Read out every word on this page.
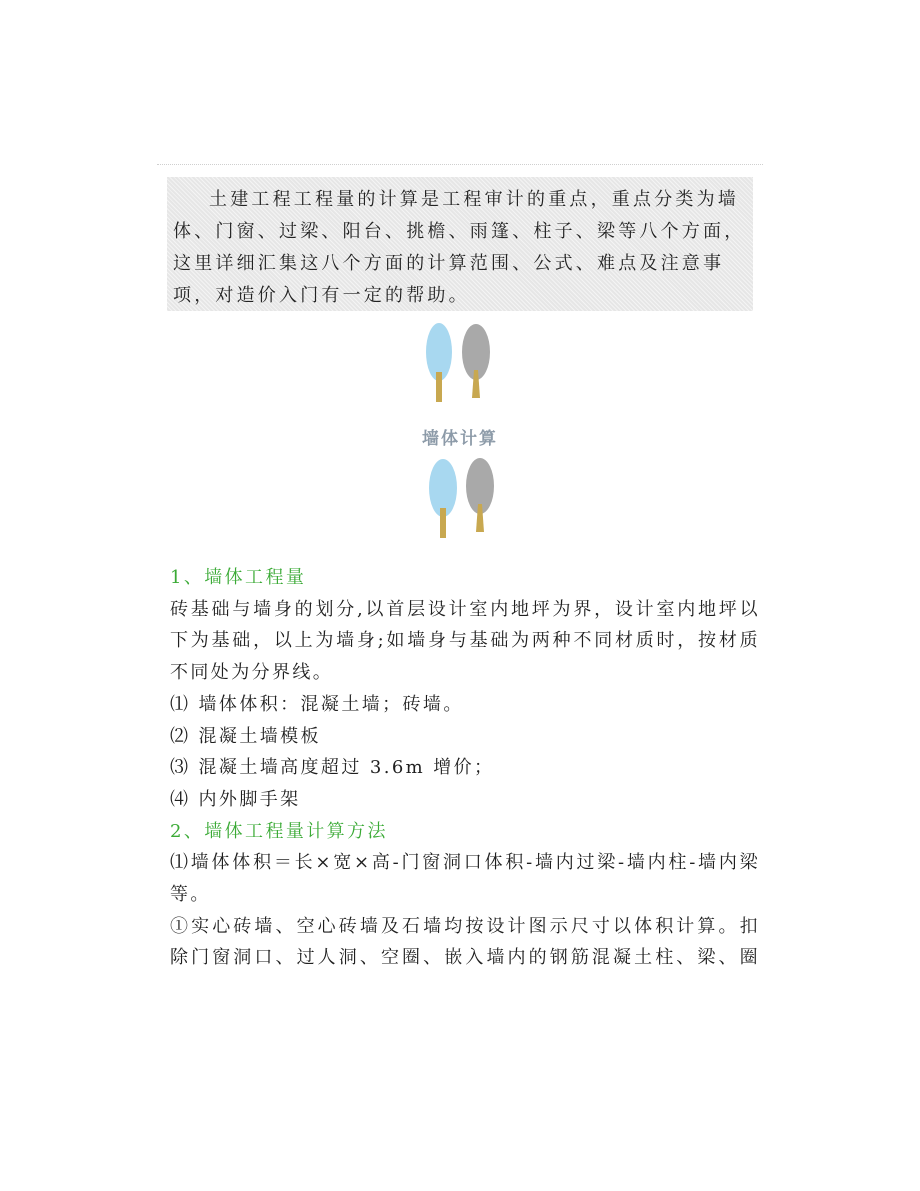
土建工程工程量的计算是工程审计的重点，重点分类为墙体、门窗、过梁、阳台、挑檐、雨篷、柱子、梁等八个方面，这里详细汇集这八个方面的计算范围、公式、难点及注意事项，对造价入门有一定的帮助。

墙体计算

1、墙体工程量

砖基础与墙身的划分,以首层设计室内地坪为界，设计室内地坪以

下为基础，以上为墙身;如墙身与基础为两种不同材质时，按材质

不同处为分界线。

⑴ 墙体体积：混凝土墙；砖墙。

⑵ 混凝土墙模板

⑶ 混凝土墙高度超过 3.6m 增价；

⑷ 内外脚手架

2、墙体工程量计算方法

⑴墙体体积＝长×宽×高-门窗洞口体积-墙内过梁-墙内柱-墙内梁

等。

①实心砖墙、空心砖墙及石墙均按设计图示尺寸以体积计算。扣

除门窗洞口、过人洞、空圈、嵌入墙内的钢筋混凝土柱、梁、圈
